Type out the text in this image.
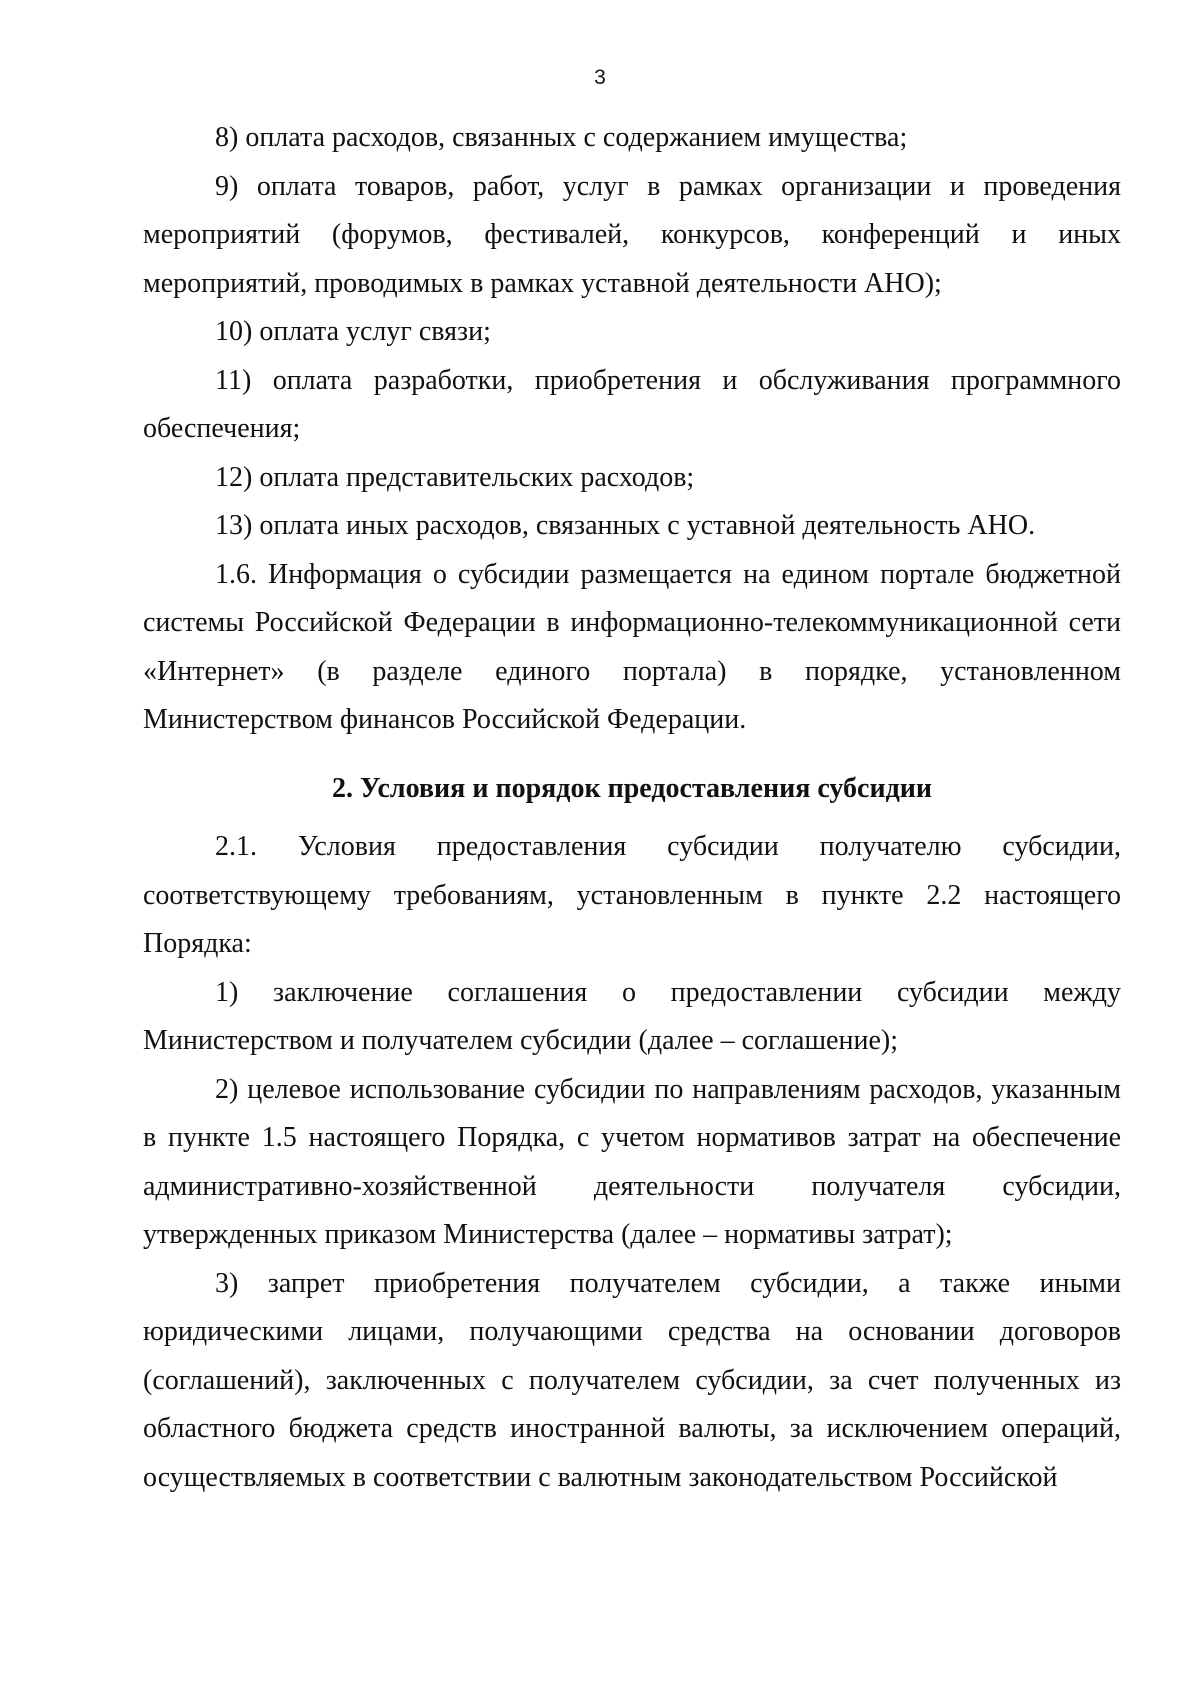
3

8) оплата расходов, связанных с содержанием имущества;

9) оплата товаров, работ, услуг в рамках организации и проведения мероприятий (форумов, фестивалей, конкурсов, конференций и иных мероприятий, проводимых в рамках уставной деятельности АНО);

10) оплата услуг связи;

11) оплата разработки, приобретения и обслуживания программного обеспечения;

12) оплата представительских расходов;

13) оплата иных расходов, связанных с уставной деятельность АНО.

1.6. Информация о субсидии размещается на едином портале бюджетной системы Российской Федерации в информационно-телекоммуникационной сети «Интернет» (в разделе единого портала) в порядке, установленном Министерством финансов Российской Федерации.

2. Условия и порядок предоставления субсидии

2.1. Условия предоставления субсидии получателю субсидии, соответствующему требованиям, установленным в пункте 2.2 настоящего Порядка:

1) заключение соглашения о предоставлении субсидии между Министерством и получателем субсидии (далее – соглашение);

2) целевое использование субсидии по направлениям расходов, указанным в пункте 1.5 настоящего Порядка, с учетом нормативов затрат на обеспечение административно-хозяйственной деятельности получателя субсидии, утвержденных приказом Министерства (далее – нормативы затрат);

3) запрет приобретения получателем субсидии, а также иными юридическими лицами, получающими средства на основании договоров (соглашений), заключенных с получателем субсидии, за счет полученных из областного бюджета средств иностранной валюты, за исключением операций, осуществляемых в соответствии с валютным законодательством Российской
